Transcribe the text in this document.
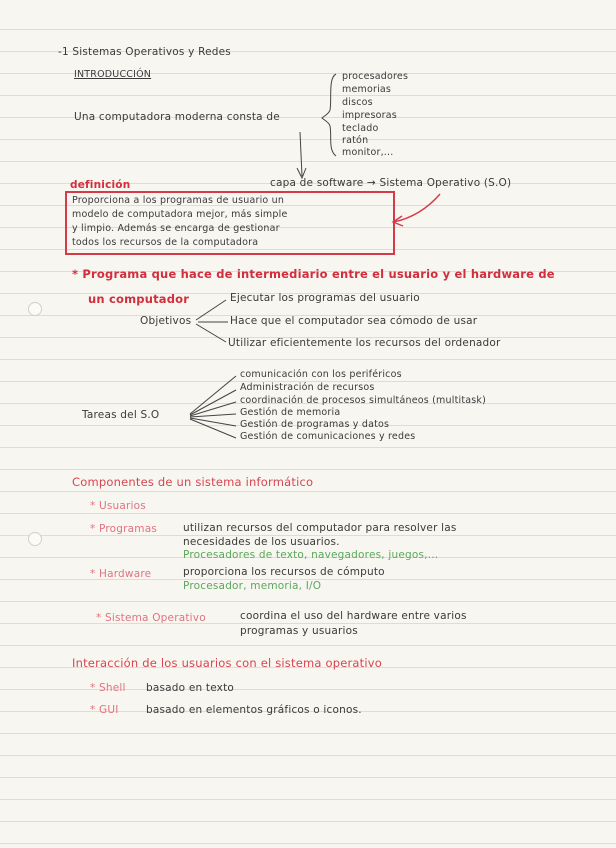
-1 Sistemas Operativos y Redes
INTRODUCCIÓN
Una computadora moderna consta de
procesadores
memorias
discos
impresoras
teclado
ratón
monitor,...
definición	capa de software → Sistema Operativo (S.O)
Proporciona a los programas de usuario un
modelo de computadora mejor, más simple
y limpio. Además se encarga de gestionar
todos los recursos de la computadora
* Programa que hace de intermediario entre el usuario y el hardware de
un computador
Objetivos
Ejecutar los programas del usuario
Hace que el computador sea cómodo de usar
Utilizar eficientemente los recursos del ordenador
Tareas del S.O
comunicación con los periféricos
Administración de recursos
coordinación de procesos simultáneos (multitask)
Gestión de memoria
Gestión de programas y datos
Gestión de comunicaciones y redes
Componentes de un sistema informático
* Usuarios
* Programas utilizan recursos del computador para resolver las
necesidades de los usuarios.
Procesadores de texto, navegadores, juegos,...
* Hardware	proporciona los recursos de cómputo
Procesador, memoria, I/O
* Sistema Operativo	coordina el uso del hardware entre varios
programas y usuarios
Interacción de los usuarios con el sistema operativo
* Shell basado en texto
* GUI	basado en elementos gráficos o iconos.
